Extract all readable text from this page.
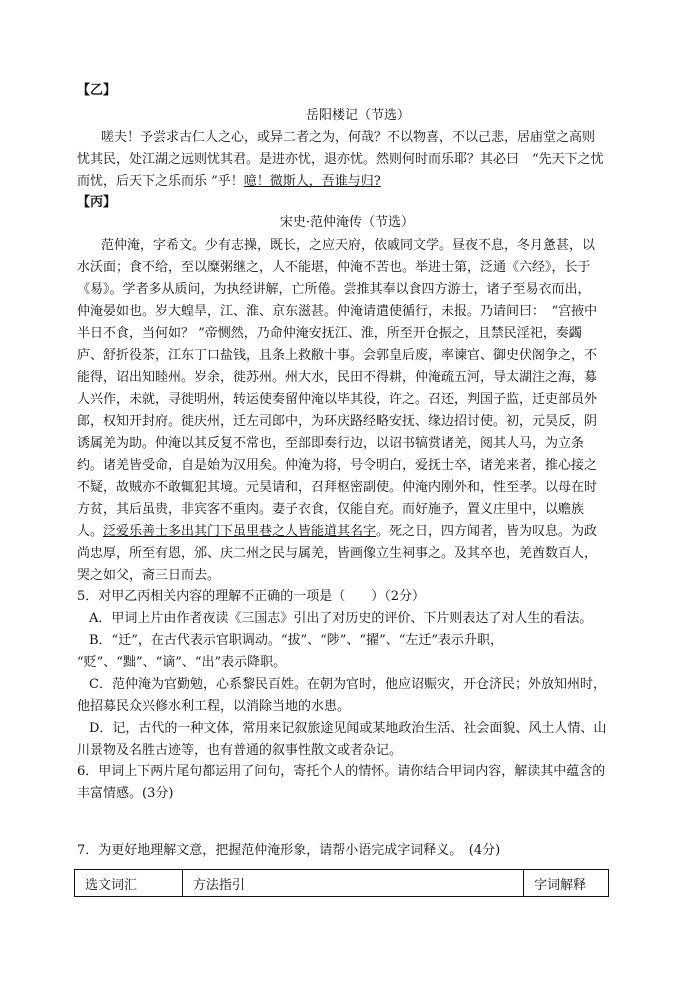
【乙】
岳阳楼记（节选）
嗟夫！予尝求古仁人之心，或异二者之为，何哉？不以物喜，不以己悲，居庙堂之高则
忧其民，处江湖之远则忧其君。是进亦忧，退亦忧。然则何时而乐耶？其必曰　“先天下之忧
而忧，后天下之乐而乐 ”乎！噫！微斯人，吾谁与归?
【丙】
宋史·范仲淹传（节选）
范仲淹，字希文。少有志操，既长，之应天府，依戚同文学。昼夜不息，冬月惫甚，以
水沃面；食不给，至以糜粥继之，人不能堪，仲淹不苦也。举进士第，泛通《六经》，长于
《易》。学者多从质问，为执经讲解，亡所倦。尝推其奉以食四方游士，诸子至易衣而出，
仲淹晏如也。岁大蝗旱，江、淮、京东滋甚。仲淹请遣使循行，未报。乃请间曰：　“宫掖中
半日不食，当何如？ ”帝恻然，乃命仲淹安抚江、淮，所至开仓振之，且禁民淫祀，奏蠲
庐、舒折役茶，江东丁口盐钱，且条上救敝十事。会郭皇后废，率谏官、御史伏阁争之，不
能得，诏出知睦州。岁余，徙苏州。州大水，民田不得耕，仲淹疏五河，导太湖注之海，募
人兴作，未就，寻徙明州，转运使奏留仲淹以毕其役，许之。召还，判国子监，迁吏部员外
郎，权知开封府。徙庆州，迁左司郎中，为环庆路经略安抚、缘边招讨使。初，元昊反，阴
诱属羌为助。仲淹以其反复不常也，至部即奏行边，以诏书犒赏诸羌，阅其人马，为立条
约。诸羌皆受命，自是始为汉用矣。仲淹为将，号令明白，爱抚士卒，诸羌来者，推心接之
不疑，故贼亦不敢辄犯其境。元昊请和，召拜枢密副使。仲淹内刚外和，性至孝。以母在时
方贫，其后虽贵，非宾客不重肉。妻子衣食，仅能自充。而好施予，置义庄里中，以赡族
人。泛爱乐善士多出其门下虽里巷之人皆能道其名字。死之日，四方闻者，皆为叹息。为政
尚忠厚，所至有恩，邠、庆二州之民与属羌，皆画像立生祠事之。及其卒也，羌酋数百人，
哭之如父，斋三日而去。
5．对甲乙丙相关内容的理解不正确的一项是（　　）（2分）
A．甲词上片由作者夜读《三国志》引出了对历史的评价、下片则表达了对人生的看法。
B．“迁”，在古代表示官职调动。“拔”、“陟”、“擢”、“左迁”表示升职，
“贬”、“黜”、“谪”、“出”表示降职。
C．范仲淹为官勤勉，心系黎民百姓。在朝为官时，他应诏赈灾，开仓济民；外放知州时，
他招募民众兴修水利工程，以消除当地的水患。
D．记，古代的一种文体，常用来记叙旅途见闻或某地政治生活、社会面貌、风土人情、山
川景物及名胜古迹等，也有普通的叙事性散文或者杂记。
6．甲词上下两片尾句都运用了问句，寄托个人的情怀。请你结合甲词内容，解读其中蕴含的
丰富情感。(3分)
7．为更好地理解文意，把握范仲淹形象，请帮小语完成字词释义。　(4分)
选文词汇	方法指引	字词解释
